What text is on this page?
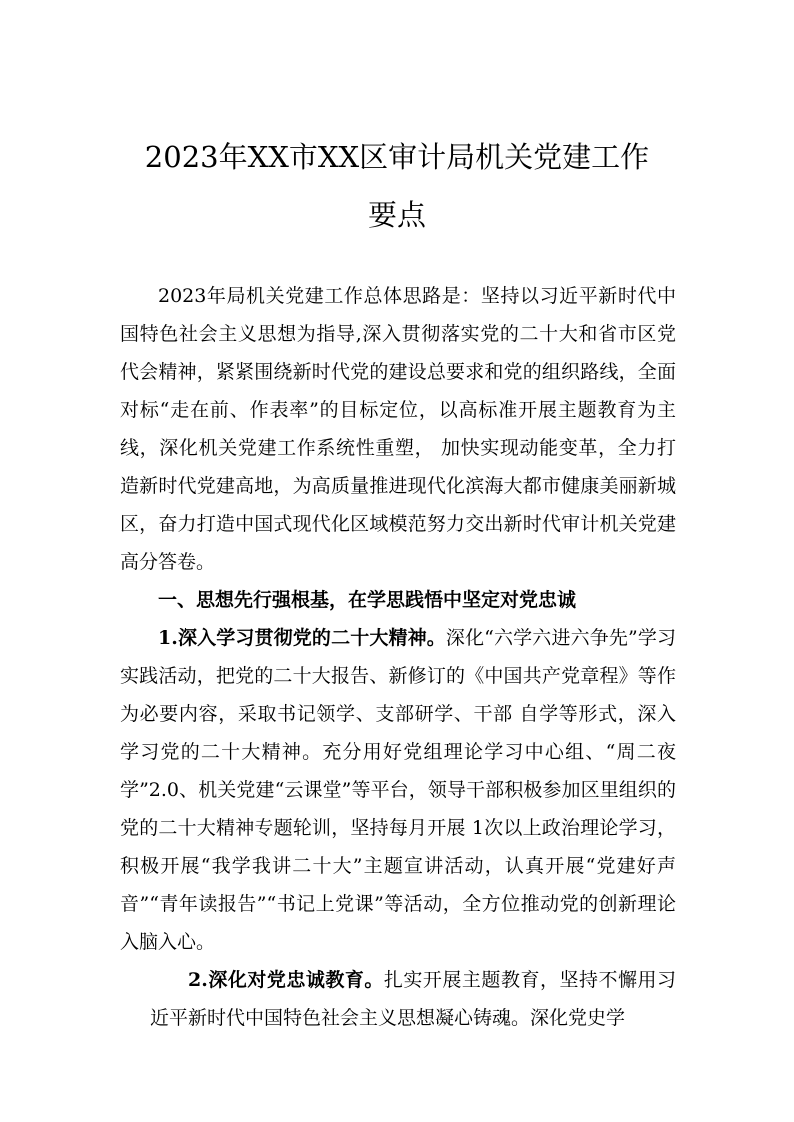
2023年XX市XX区审计局机关党建工作
要点

2023年局机关党建工作总体思路是：坚持以习近平新时代中国特色社会主义思想为指导,深入贯彻落实党的二十大和省市区党代会精神，紧紧围绕新时代党的建设总要求和党的组织路线，全面对标“走在前、作表率”的目标定位，以高标准开展主题教育为主线，深化机关党建工作系统性重塑， 加快实现动能变革，全力打造新时代党建高地，为高质量推进现代化滨海大都市健康美丽新城区，奋力打造中国式现代化区域模范努力交出新时代审计机关党建高分答卷。

一、思想先行强根基，在学思践悟中坚定对党忠诚

1.深入学习贯彻党的二十大精神。深化“六学六进六争先”学习实践活动，把党的二十大报告、新修订的《中国共产党章程》等作为必要内容，采取书记领学、支部研学、干部 自学等形式，深入学习党的二十大精神。充分用好党组理论学习中心组、“周二夜学”2.0、机关党建“云课堂”等平台，领导干部积极参加区里组织的党的二十大精神专题轮训，坚持每月开展 1次以上政治理论学习，积极开展“我学我讲二十大”主题宣讲活动，认真开展“党建好声音”“青年读报告”“书记上党课”等活动，全方位推动党的创新理论入脑入心。

2.深化对党忠诚教育。扎实开展主题教育，坚持不懈用习近平新时代中国特色社会主义思想凝心铸魂。深化党史学
